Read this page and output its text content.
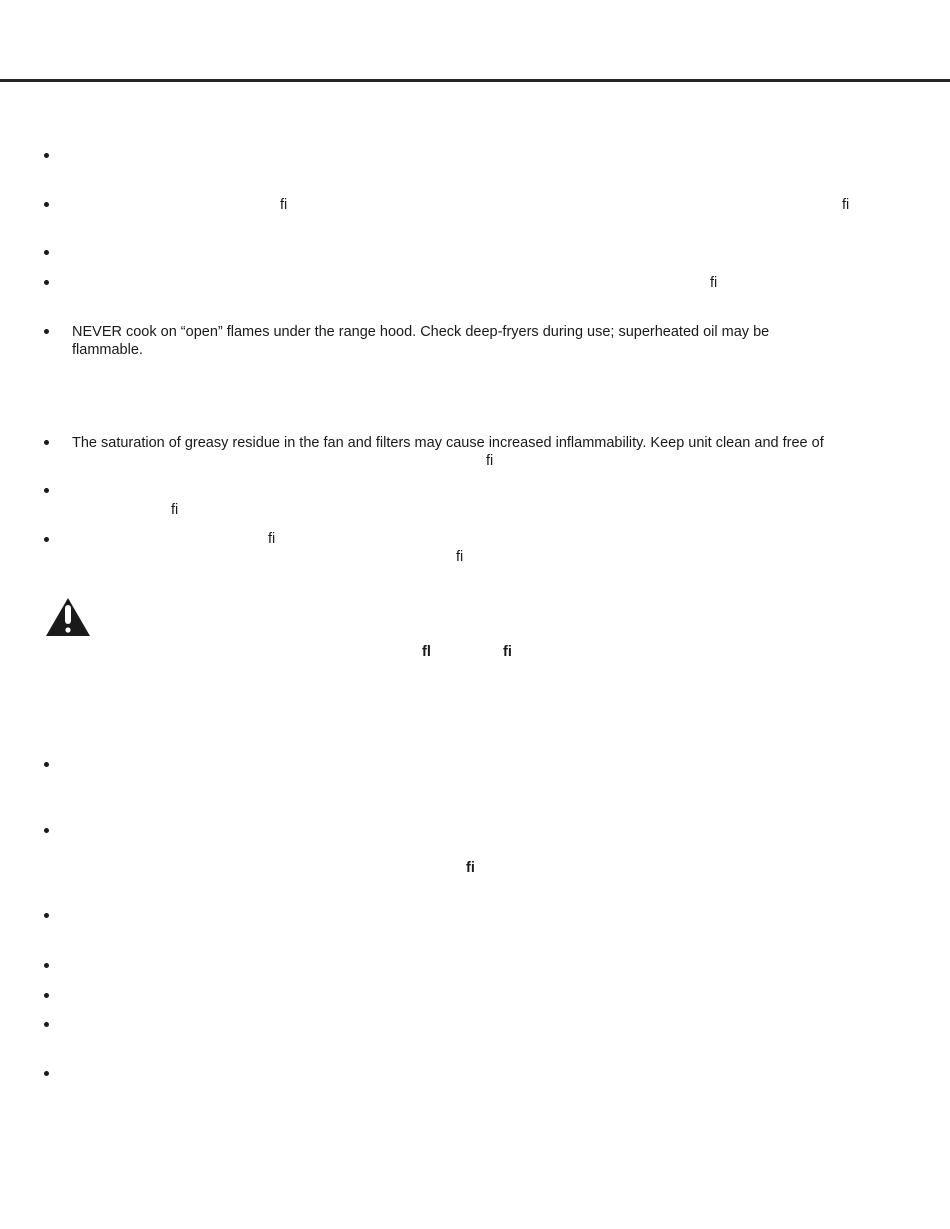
fi	fi
fi
NEVER cook on “open” flames under the range hood. Check deep-fryers during use; superheated oil may be
flammable.
The saturation of greasy residue in the fan and filters may cause increased inflammability. Keep unit clean and free of
fi
fi
fi
fi
fl	fi
fi
